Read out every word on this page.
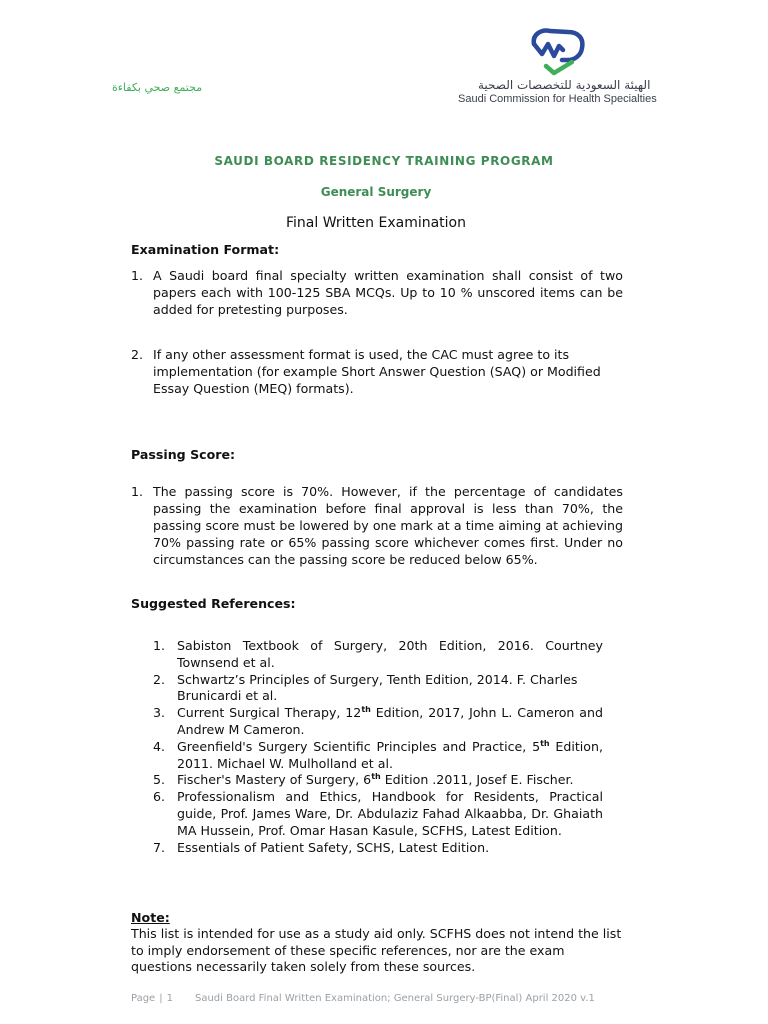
مجتمع صحي بكفاءة	الهيئة السعودية للتخصصات الصحية
Saudi Commission for Health Specialties
SAUDI BOARD RESIDENCY TRAINING PROGRAM
General Surgery
Final Written Examination
Examination Format:
1. A Saudi board final specialty written examination shall consist of two papers each with 100-125 SBA MCQs. Up to 10 % unscored items can be added for pretesting purposes.
2. If any other assessment format is used, the CAC must agree to its implementation (for example Short Answer Question (SAQ) or Modified Essay Question (MEQ) formats).
Passing Score:
1. The passing score is 70%. However, if the percentage of candidates passing the examination before final approval is less than 70%, the passing score must be lowered by one mark at a time aiming at achieving 70% passing rate or 65% passing score whichever comes first. Under no circumstances can the passing score be reduced below 65%.
Suggested References:
1. Sabiston Textbook of Surgery, 20th Edition, 2016. Courtney Townsend et al.
2. Schwartz’s Principles of Surgery, Tenth Edition, 2014. F. Charles Brunicardi et al.
3. Current Surgical Therapy, 12th Edition, 2017, John L. Cameron and Andrew M Cameron.
4. Greenfield's Surgery Scientific Principles and Practice, 5th Edition, 2011. Michael W. Mulholland et al.
5. Fischer's Mastery of Surgery, 6th Edition .2011, Josef E. Fischer.
6. Professionalism and Ethics, Handbook for Residents, Practical guide, Prof. James Ware, Dr. Abdulaziz Fahad Alkaabba, Dr. Ghaiath MA Hussein, Prof. Omar Hasan Kasule, SCFHS, Latest Edition.
7. Essentials of Patient Safety, SCHS, Latest Edition.
Note:
This list is intended for use as a study aid only. SCFHS does not intend the list to imply endorsement of these specific references, nor are the exam questions necessarily taken solely from these sources.
Page | 1 Saudi Board Final Written Examination; General Surgery-BP(Final) April 2020 v.1
